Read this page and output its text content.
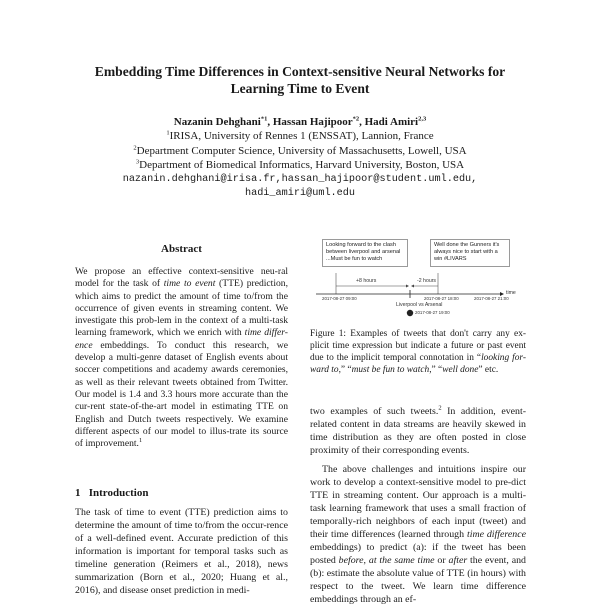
Embedding Time Differences in Context-sensitive Neural Networks for
Learning Time to Event
Nazanin Dehghani$^{*1}$, Hassan Hajipoor$^{*2}$, Hadi Amiri$^{2,3}$
$^1$IRISA, University of Rennes 1 (ENSSAT), Lannion, France
$^2$Department Computer Science, University of Massachusetts, Lowell, USA
$^3$Department of Biomedical Informatics, Harvard University, Boston, USA
nazanin.dehghani@irisa.fr,hassan_hajipoor@student.uml.edu,
hadi_amiri@uml.edu
Abstract
We propose an effective context-sensitive neu-ral model for the task of time to event (TTE) prediction, which aims to predict the amount of time to/from the occurrence of given events in streaming content. We investigate this prob-lem in the context of a multi-task learning framework, which we enrich with time differ-ence embeddings. To conduct this research, we develop a multi-genre dataset of English events about soccer competitions and academy awards ceremonies, as well as their relevant tweets obtained from Twitter. Our model is 1.4 and 3.3 hours more accurate than the cur-rent state-of-the-art model in estimating TTE on English and Dutch tweets respectively. We examine different aspects of our model to illus-trate its source of improvement.$^1$
1 Introduction
The task of time to event (TTE) prediction aims to determine the amount of time to/from the occur-rence of a well-defined event. Accurate prediction of this information is important for temporal tasks such as timeline generation (Reimers et al., 2018), news summarization (Born et al., 2020; Huang et al., 2016), and disease onset prediction in medi-
Looking forward to the clash between liverpool and arsenal ...Must be fun to watch
Well done the Gunners it's always nice to start with a win #LIVARS
+8 hours	-2 hours
2017-08-27 09:00	2017-08-27 18:00	2017-08-27 21:00
time
Liverpool vs Arsenal
2017-08-27 19:00
Figure 1: Examples of tweets that don't carry any ex-plicit time expression but indicate a future or past event due to the implicit temporal connotation in “looking for-ward to,” “must be fun to watch,” “well done” etc.

two examples of such tweets.$^2$ In addition, event-related content in data streams are heavily skewed in time distribution as they are often posted in close proximity of their corresponding events.

The above challenges and intuitions inspire our work to develop a context-sensitive model to pre-dict TTE in streaming content. Our approach is a multi-task learning framework that uses a small fraction of temporally-rich neighbors of each input (tweet) and their time differences (learned through time difference embeddings) to predict (a): if the tweet has been posted before, at the same time or after the event, and (b): estimate the absolute value of TTE (in hours) with respect to the tweet. We learn time difference embeddings through an ef-
